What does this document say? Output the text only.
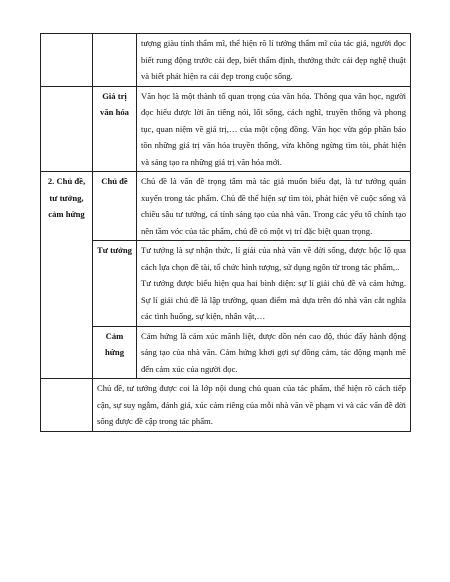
		tượng giàu tính thẩm mĩ, thể hiện rõ lí tưởng thẩm mĩ của tác giả, người đọc biết rung động trước cái đẹp, biết thẩm định, thưởng thức cái đẹp nghệ thuật và biết phát hiện ra cái đẹp trong cuộc sống.
	Giá trị văn hóa	Văn học là một thành tố quan trọng của văn hóa. Thông qua văn học, người đọc hiểu được lời ăn tiếng nói, lối sống, cách nghĩ, truyền thống và phong tục, quan niệm về giá trị,… của một cộng đồng. Văn học vừa góp phần bảo tồn những giá trị văn hóa truyền thống, vừa không ngừng tìm tòi, phát hiện và sáng tạo ra những giá trị văn hóa mới.
2. Chủ đề, tư tưởng, cảm hứng	Chủ đề	Chủ đề là vấn đề trọng tâm mà tác giả muốn biểu đạt, là tư tưởng quán xuyến trong tác phẩm. Chủ đề thể hiện sự tìm tòi, phát hiện về cuộc sống và chiều sâu tư tưởng, cá tính sáng tạo của nhà văn. Trong các yếu tố chính tạo nên tầm vóc của tác phẩm, chủ đề có một vị trí đặc biệt quan trọng.
	Tư tưởng	Tư tưởng là sự nhận thức, lí giải của nhà văn về đời sống, được bộc lộ qua cách lựa chọn đề tài, tổ chức hình tượng, sử dụng ngôn từ trong tác phẩm,..

Tư tưởng được biểu hiện qua hai bình diện: sự lí giải chủ đề và cảm hứng. Sự lí giải chủ đề là lập trường, quan điểm mà dựa trên đó nhà văn cắt nghĩa các tình huống, sự kiện, nhân vật,…

	Cảm hứng	Cảm hứng là cảm xúc mãnh liệt, được dồn nén cao độ, thúc đẩy hành động sáng tạo của nhà văn. Cảm hứng khơi gợi sự đồng cảm, tác động mạnh mẽ đến cảm xúc của người đọc.
	Chủ đề, tư tưởng được coi là lớp nội dung chủ quan của tác phẩm, thể hiện rõ cách tiếp cận, sự suy ngẫm, đánh giá, xúc cảm riêng của mỗi nhà văn về phạm vi và các vấn đề đời sống được đề cập trong tác phẩm.	
